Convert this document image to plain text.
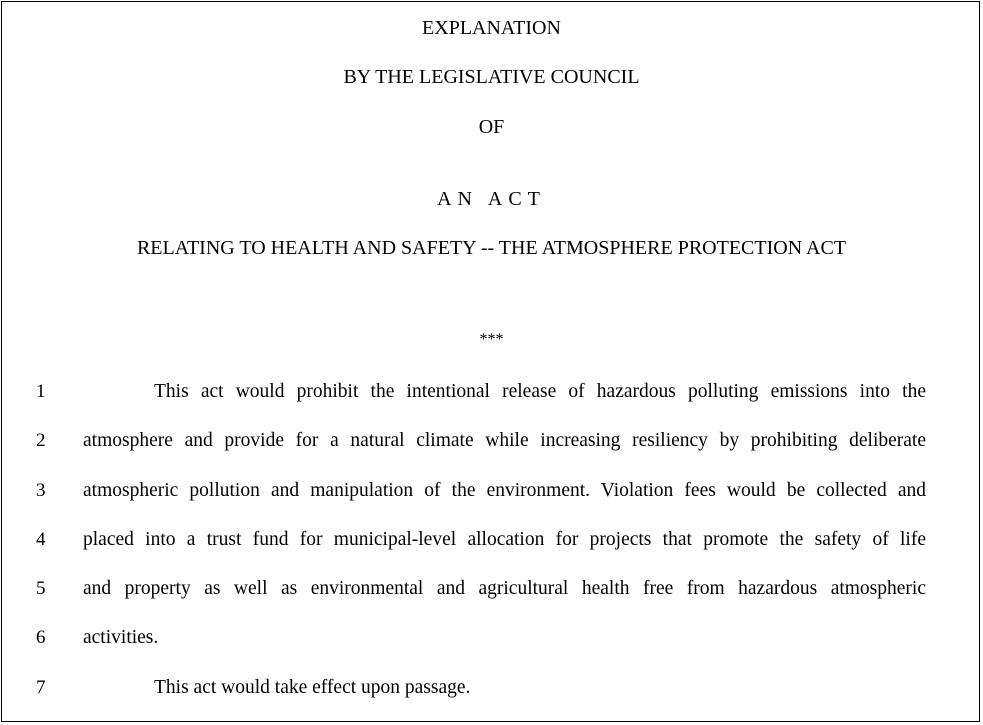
EXPLANATION
BY THE LEGISLATIVE COUNCIL
OF
AN ACT
RELATING TO HEALTH AND SAFETY -- THE ATMOSPHERE PROTECTION ACT
***
1	This act would prohibit the intentional release of hazardous polluting emissions into the
2	atmosphere and provide for a natural climate while increasing resiliency by prohibiting deliberate
3	atmospheric pollution and manipulation of the environment. Violation fees would be collected and
4	placed into a trust fund for municipal-level allocation for projects that promote the safety of life
5	and property as well as environmental and agricultural health free from hazardous atmospheric
6	activities.
7	This act would take effect upon passage.
